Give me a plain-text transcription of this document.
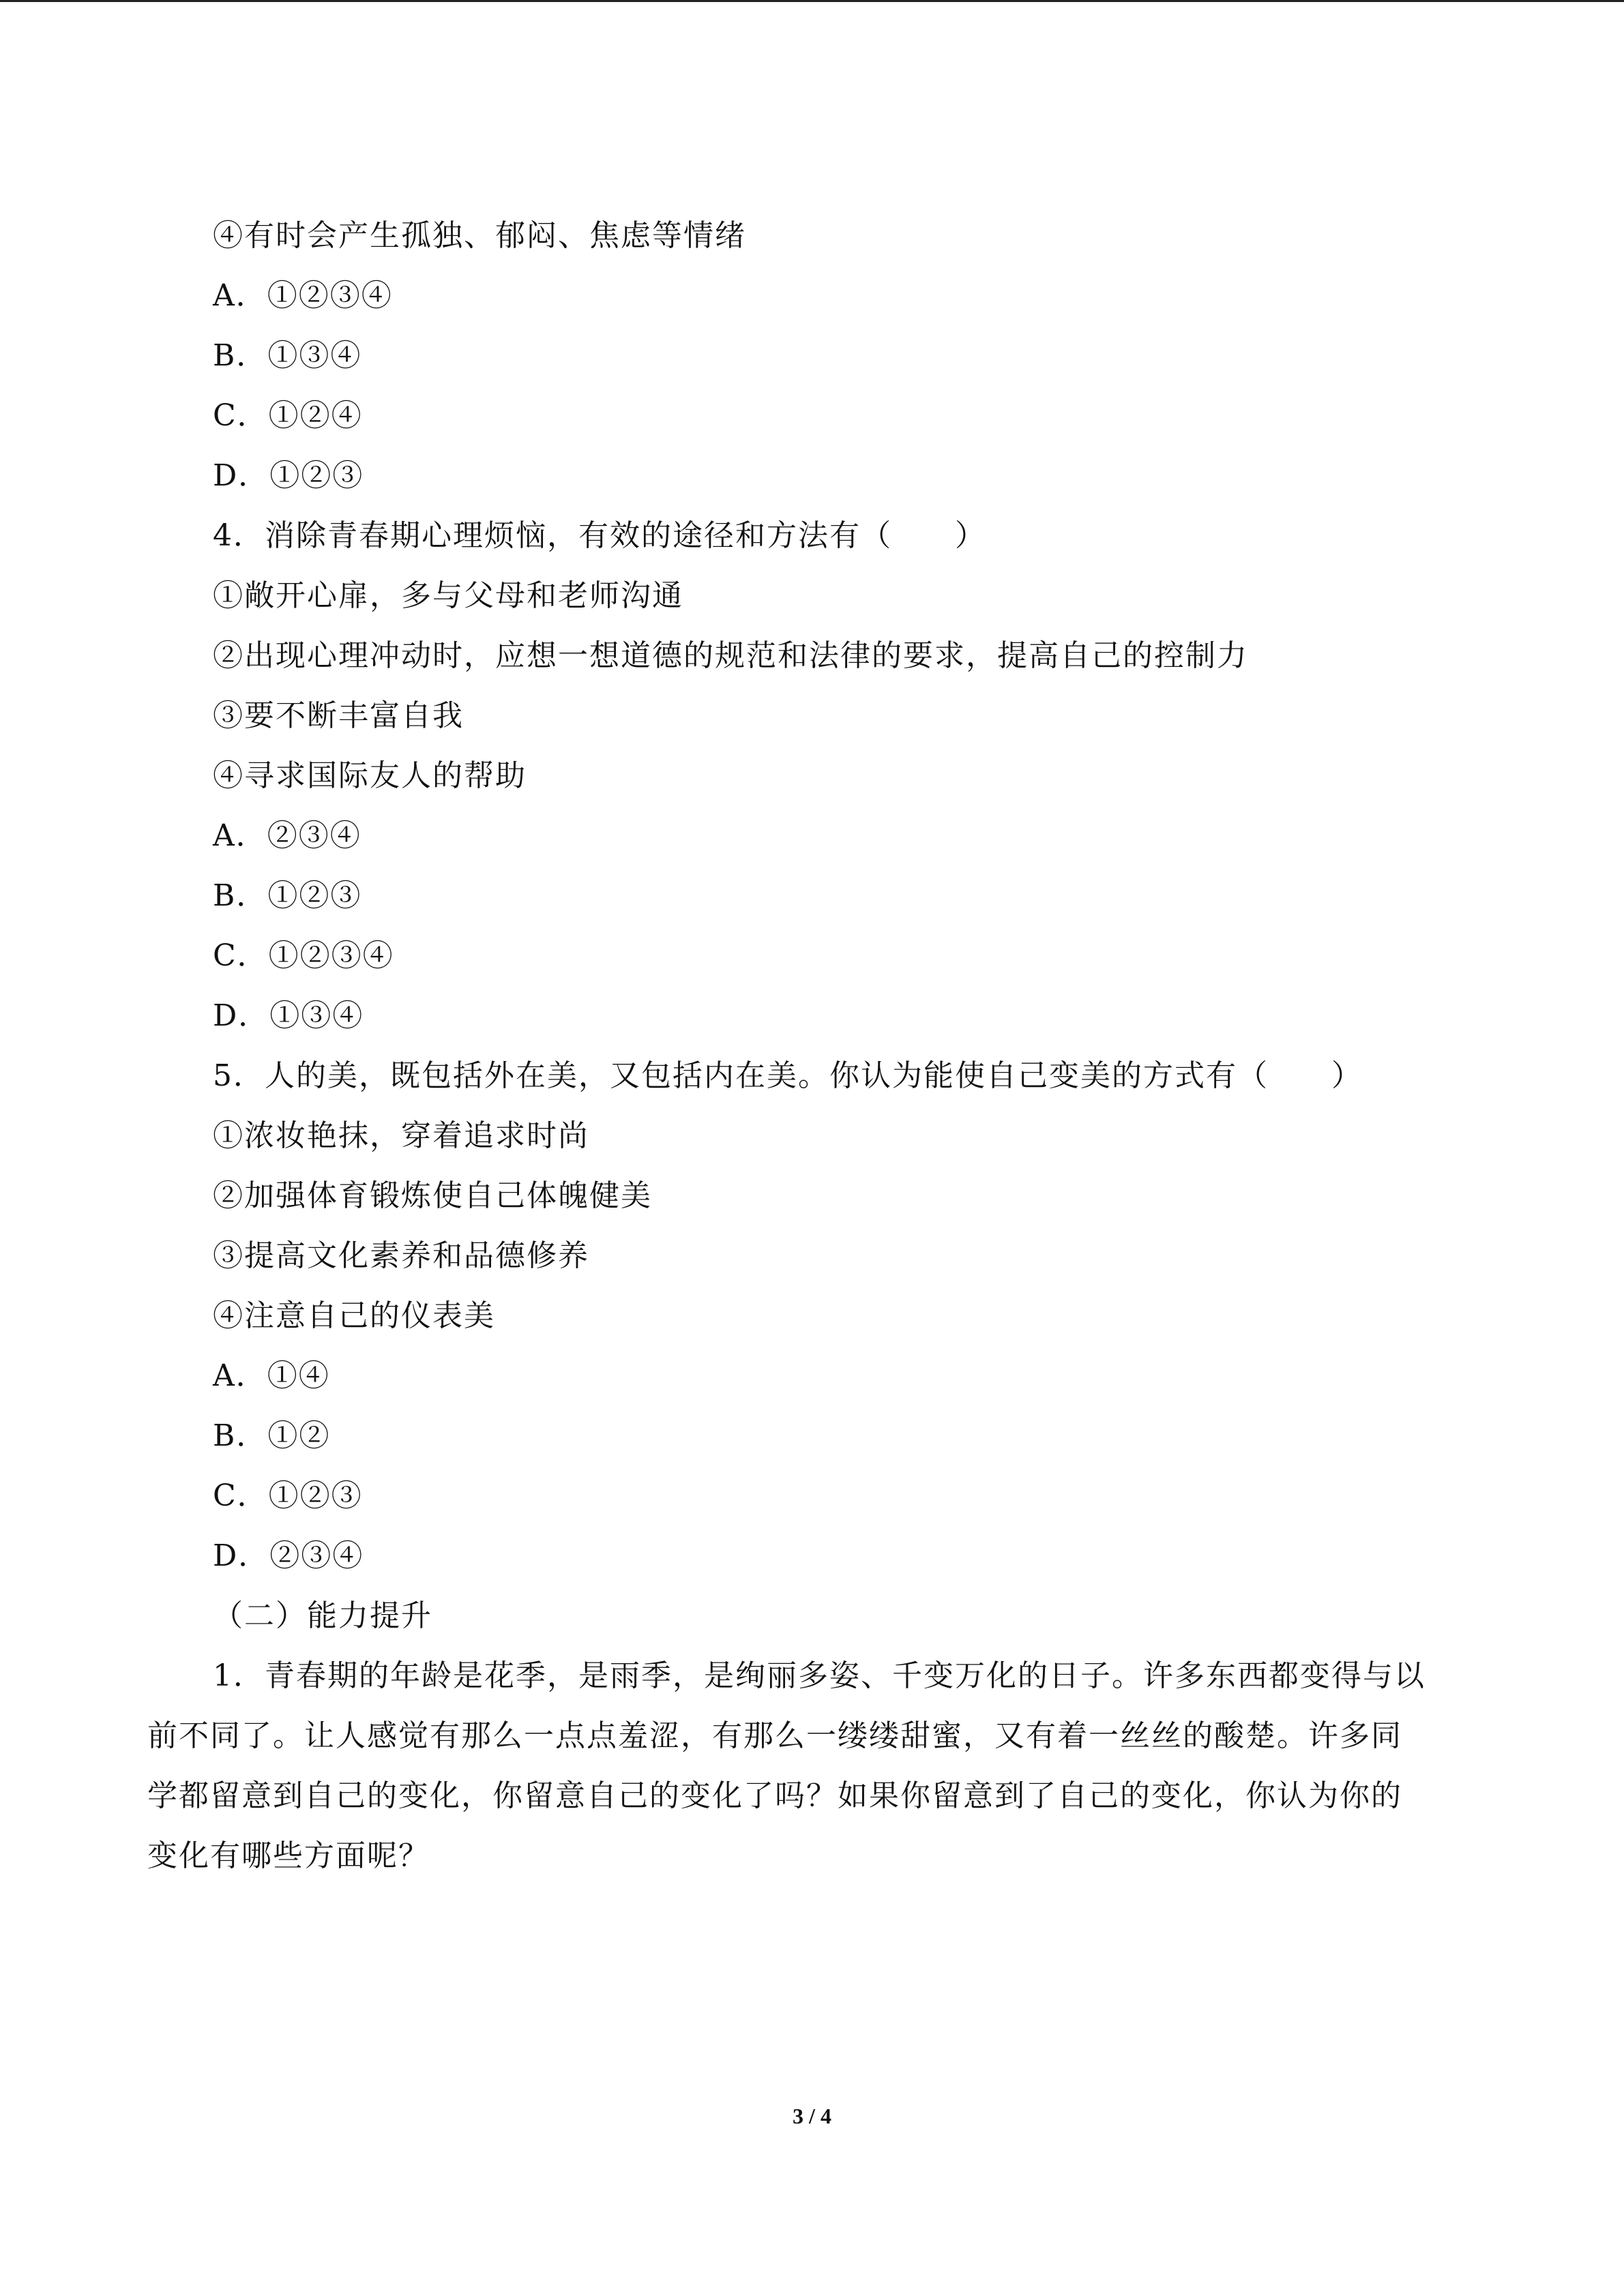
④有时会产生孤独、郁闷、焦虑等情绪
A．①②③④
B．①③④
C．①②④
D．①②③
4．消除青春期心理烦恼，有效的途径和方法有（　　）
①敞开心扉，多与父母和老师沟通
②出现心理冲动时，应想一想道德的规范和法律的要求，提高自己的控制力
③要不断丰富自我
④寻求国际友人的帮助
A．②③④
B．①②③
C．①②③④
D．①③④
5．人的美，既包括外在美，又包括内在美。你认为能使自己变美的方式有（　　）
①浓妆艳抹，穿着追求时尚
②加强体育锻炼使自己体魄健美
③提高文化素养和品德修养
④注意自己的仪表美
A．①④
B．①②
C．①②③
D．②③④
（二）能力提升
1．青春期的年龄是花季，是雨季，是绚丽多姿、千变万化的日子。许多东西都变得与以
前不同了。让人感觉有那么一点点羞涩，有那么一缕缕甜蜜，又有着一丝丝的酸楚。许多同
学都留意到自己的变化，你留意自己的变化了吗？如果你留意到了自己的变化，你认为你的
变化有哪些方面呢？
3 / 4
